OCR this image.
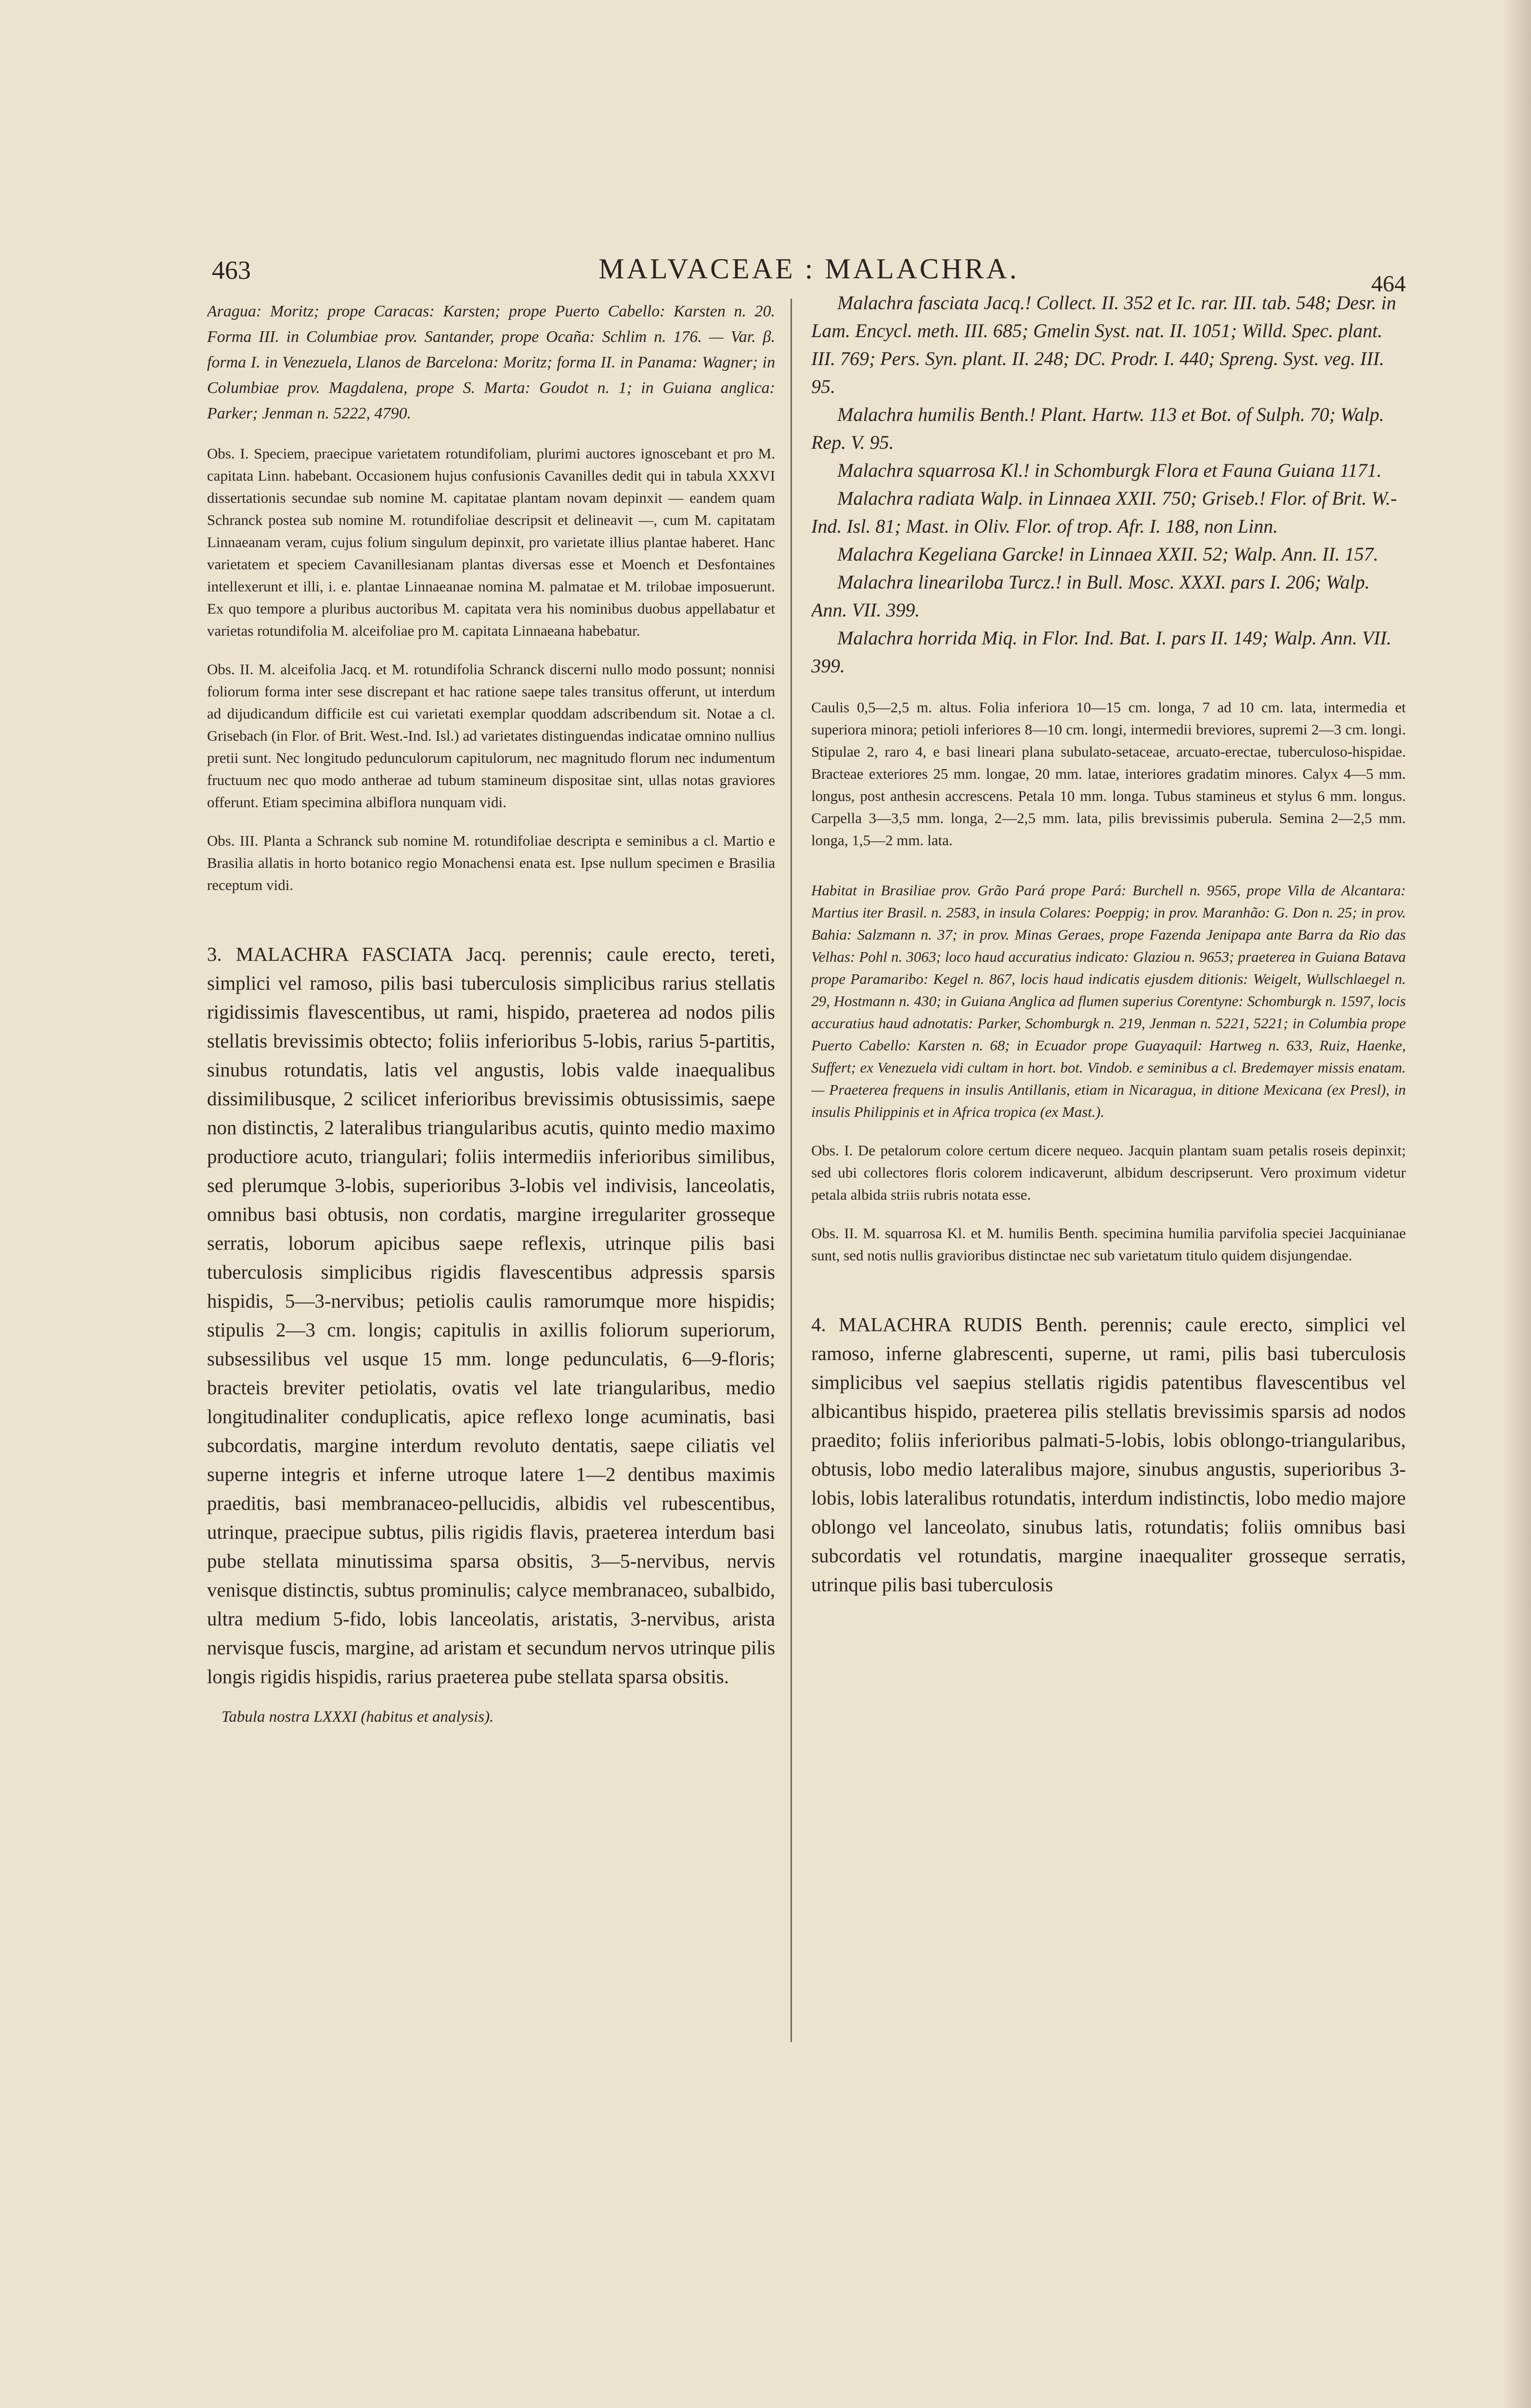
463	MALVACEAE : MALACHRA.	464

Aragua: Moritz; prope Caracas: Karsten; prope Puerto Cabello: Karsten n. 20. Forma III. in Columbiae prov. Santander, prope Ocaña: Schlim n. 176. — Var. β. forma I. in Venezuela, Llanos de Barcelona: Moritz; forma II. in Panama: Wagner; in Columbiae prov. Magdalena, prope S. Marta: Goudot n. 1; in Guiana anglica: Parker; Jenman n. 5222, 4790.

Obs. I. Speciem, praecipue varietatem rotundifoliam, plurimi auctores ignoscebant et pro M. capitata Linn. habebant. Occasionem hujus confusionis Cavanilles dedit qui in tabula XXXVI dissertationis secundae sub nomine M. capitatae plantam novam depinxit — eandem quam Schranck postea sub nomine M. rotundifoliae descripsit et delineavit —, cum M. capitatam Linnaeanam veram, cujus folium singulum depinxit, pro varietate illius plantae haberet. Hanc varietatem et speciem Cavanillesianam plantas diversas esse et Moench et Desfontaines intellexerunt et illi, i. e. plantae Linnaeanae nomina M. palmatae et M. trilobae imposuerunt. Ex quo tempore a pluribus auctoribus M. capitata vera his nominibus duobus appellabatur et varietas rotundifolia M. alceifoliae pro M. capitata Linnaeana habebatur.

Obs. II. M. alceifolia Jacq. et M. rotundifolia Schranck discerni nullo modo possunt; nonnisi foliorum forma inter sese discrepant et hac ratione saepe tales transitus offerunt, ut interdum ad dijudicandum difficile est cui varietati exemplar quoddam adscribendum sit. Notae a cl. Grisebach (in Flor. of Brit. West.-Ind. Isl.) ad varietates distinguendas indicatae omnino nullius pretii sunt. Nec longitudo pedunculorum capitulorum, nec magnitudo florum nec indumentum fructuum nec quo modo antherae ad tubum stamineum dispositae sint, ullas notas graviores offerunt. Etiam specimina albiflora nunquam vidi.

Obs. III. Planta a Schranck sub nomine M. rotundifoliae descripta e seminibus a cl. Martio e Brasilia allatis in horto botanico regio Monachensi enata est. Ipse nullum specimen e Brasilia receptum vidi.

3. MALACHRA FASCIATA Jacq. perennis; caule erecto, tereti, simplici vel ramoso, pilis basi tuberculosis simplicibus rarius stellatis rigidissimis flavescentibus, ut rami, hispido, praeterea ad nodos pilis stellatis brevissimis obtecto; foliis inferioribus 5-lobis, rarius 5-partitis, sinubus rotundatis, latis vel angustis, lobis valde inaequalibus dissimilibusque, 2 scilicet inferioribus brevissimis obtusissimis, saepe non distinctis, 2 lateralibus triangularibus acutis, quinto medio maximo productiore acuto, triangulari; foliis intermediis inferioribus similibus, sed plerumque 3-lobis, superioribus 3-lobis vel indivisis, lanceolatis, omnibus basi obtusis, non cordatis, margine irregulariter grosseque serratis, loborum apicibus saepe reflexis, utrinque pilis basi tuberculosis simplicibus rigidis flavescentibus adpressis sparsis hispidis, 5—3-nervibus; petiolis caulis ramorumque more hispidis; stipulis 2—3 cm. longis; capitulis in axillis foliorum superiorum, subsessilibus vel usque 15 mm. longe pedunculatis, 6—9-floris; bracteis breviter petiolatis, ovatis vel late triangularibus, medio longitudinaliter conduplicatis, apice reflexo longe acuminatis, basi subcordatis, margine interdum revoluto dentatis, saepe ciliatis vel superne integris et inferne utroque latere 1—2 dentibus maximis praeditis, basi membranaceo-pellucidis, albidis vel rubescentibus, utrinque, praecipue subtus, pilis rigidis flavis, praeterea interdum basi pube stellata minutissima sparsa obsitis, 3—5-nervibus, nervis venisque distinctis, subtus prominulis; calyce membranaceo, subalbido, ultra medium 5-fido, lobis lanceolatis, aristatis, 3-nervibus, arista nervisque fuscis, margine, ad aristam et secundum nervos utrinque pilis longis rigidis hispidis, rarius praeterea pube stellata sparsa obsitis.

Tabula nostra LXXXI (habitus et analysis).

Malachra fasciata Jacq.! Collect. II. 352 et Ic. rar. III. tab. 548; Desr. in Lam. Encycl. meth. III. 685; Gmelin Syst. nat. II. 1051; Willd. Spec. plant. III. 769; Pers. Syn. plant. II. 248; DC. Prodr. I. 440; Spreng. Syst. veg. III. 95.

Malachra humilis Benth.! Plant. Hartw. 113 et Bot. of Sulph. 70; Walp. Rep. V. 95.

Malachra squarrosa Kl.! in Schomburgk Flora et Fauna Guiana 1171.

Malachra radiata Walp. in Linnaea XXII. 750; Griseb.! Flor. of Brit. W.-Ind. Isl. 81; Mast. in Oliv. Flor. of trop. Afr. I. 188, non Linn.

Malachra Kegeliana Garcke! in Linnaea XXII. 52; Walp. Ann. II. 157.

Malachra lineariloba Turcz.! in Bull. Mosc. XXXI. pars I. 206; Walp. Ann. VII. 399.

Malachra horrida Miq. in Flor. Ind. Bat. I. pars II. 149; Walp. Ann. VII. 399.

Caulis 0,5—2,5 m. altus. Folia inferiora 10—15 cm. longa, 7 ad 10 cm. lata, intermedia et superiora minora; petioli inferiores 8—10 cm. longi, intermedii breviores, supremi 2—3 cm. longi. Stipulae 2, raro 4, e basi lineari plana subulato-setaceae, arcuato-erectae, tuberculoso-hispidae. Bracteae exteriores 25 mm. longae, 20 mm. latae, interiores gradatim minores. Calyx 4—5 mm. longus, post anthesin accrescens. Petala 10 mm. longa. Tubus stamineus et stylus 6 mm. longus. Carpella 3—3,5 mm. longa, 2—2,5 mm. lata, pilis brevissimis puberula. Semina 2—2,5 mm. longa, 1,5—2 mm. lata.

Habitat in Brasiliae prov. Grão Pará prope Pará: Burchell n. 9565, prope Villa de Alcantara: Martius iter Brasil. n. 2583, in insula Colares: Poeppig; in prov. Maranhão: G. Don n. 25; in prov. Bahia: Salzmann n. 37; in prov. Minas Geraes, prope Fazenda Jenipapa ante Barra da Rio das Velhas: Pohl n. 3063; loco haud accuratius indicato: Glaziou n. 9653; praeterea in Guiana Batava prope Paramaribo: Kegel n. 867, locis haud indicatis ejusdem ditionis: Weigelt, Wullschlaegel n. 29, Hostmann n. 430; in Guiana Anglica ad flumen superius Corentyne: Schomburgk n. 1597, locis accuratius haud adnotatis: Parker, Schomburgk n. 219, Jenman n. 5221, 5221; in Columbia prope Puerto Cabello: Karsten n. 68; in Ecuador prope Guayaquil: Hartweg n. 633, Ruiz, Haenke, Suffert; ex Venezuela vidi cultam in hort. bot. Vindob. e seminibus a cl. Bredemayer missis enatam. — Praeterea frequens in insulis Antillanis, etiam in Nicaragua, in ditione Mexicana (ex Presl), in insulis Philippinis et in Africa tropica (ex Mast.).

Obs. I. De petalorum colore certum dicere nequeo. Jacquin plantam suam petalis roseis depinxit; sed ubi collectores floris colorem indicaverunt, albidum descripserunt. Vero proximum videtur petala albida striis rubris notata esse.

Obs. II. M. squarrosa Kl. et M. humilis Benth. specimina humilia parvifolia speciei Jacquinianae sunt, sed notis nullis gravioribus distinctae nec sub varietatum titulo quidem disjungendae.

4. MALACHRA RUDIS Benth. perennis; caule erecto, simplici vel ramoso, inferne glabrescenti, superne, ut rami, pilis basi tuberculosis simplicibus vel saepius stellatis rigidis patentibus flavescentibus vel albicantibus hispido, praeterea pilis stellatis brevissimis sparsis ad nodos praedito; foliis inferioribus palmati-5-lobis, lobis oblongo-triangularibus, obtusis, lobo medio lateralibus majore, sinubus angustis, superioribus 3-lobis, lobis lateralibus rotundatis, interdum indistinctis, lobo medio majore oblongo vel lanceolato, sinubus latis, rotundatis; foliis omnibus basi subcordatis vel rotundatis, margine inaequaliter grosseque serratis, utrinque pilis basi tuberculosis
